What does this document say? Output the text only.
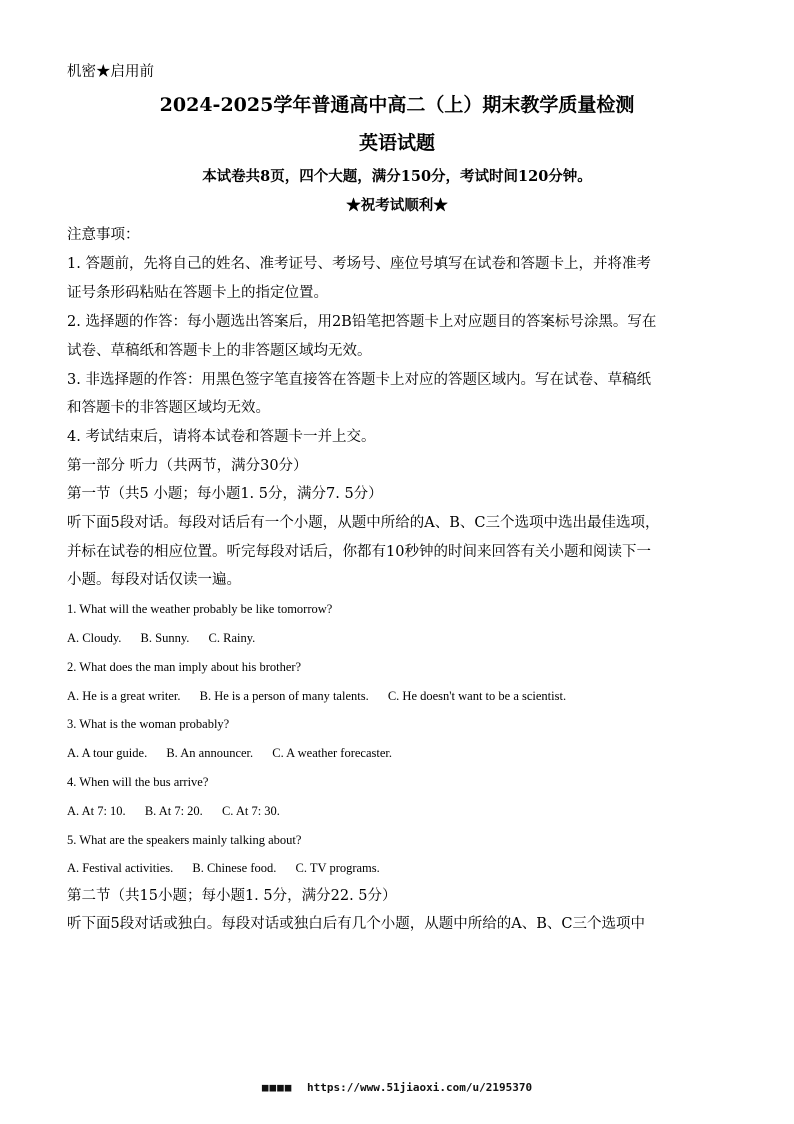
机密★启用前
2024-2025学年普通高中高二（上）期末教学质量检测
英语试题
本试卷共8页，四个大题，满分150分，考试时间120分钟。
★祝考试顺利★
注意事项：
1. 答题前，先将自己的姓名、准考证号、考场号、座位号填写在试卷和答题卡上，并将准考
证号条形码粘贴在答题卡上的指定位置。
2. 选择题的作答：每小题选出答案后，用2B铅笔把答题卡上对应题目的答案标号涂黑。写在
试卷、草稿纸和答题卡上的非答题区域均无效。
3. 非选择题的作答：用黑色签字笔直接答在答题卡上对应的答题区域内。写在试卷、草稿纸
和答题卡的非答题区域均无效。
4. 考试结束后，请将本试卷和答题卡一并上交。
第一部分 听力（共两节，满分30分）
第一节（共5 小题；每小题1. 5分，满分7. 5分）
听下面5段对话。每段对话后有一个小题，从题中所给的A、B、C三个选项中选出最佳选项，
并标在试卷的相应位置。听完每段对话后，你都有10秒钟的时间来回答有关小题和阅读下一
小题。每段对话仅读一遍。
1. What will the weather probably be like tomorrow?
A. Cloudy. B. Sunny. C. Rainy.
2. What does the man imply about his brother?
A. He is a great writer. B. He is a person of many talents. C. He doesn't want to be a scientist.
3. What is the woman probably?
A. A tour guide. B. An announcer. C. A weather forecaster.
4. When will the bus arrive?
A. At 7: 10. B. At 7: 20. C. At 7: 30.
5. What are the speakers mainly talking about?
A. Festival activities. B. Chinese food. C. TV programs.
第二节（共15小题；每小题1. 5分，满分22. 5分）
听下面5段对话或独白。每段对话或独白后有几个小题，从题中所给的A、B、C三个选项中
■■■■ https://www.51jiaoxi.com/u/2195370
